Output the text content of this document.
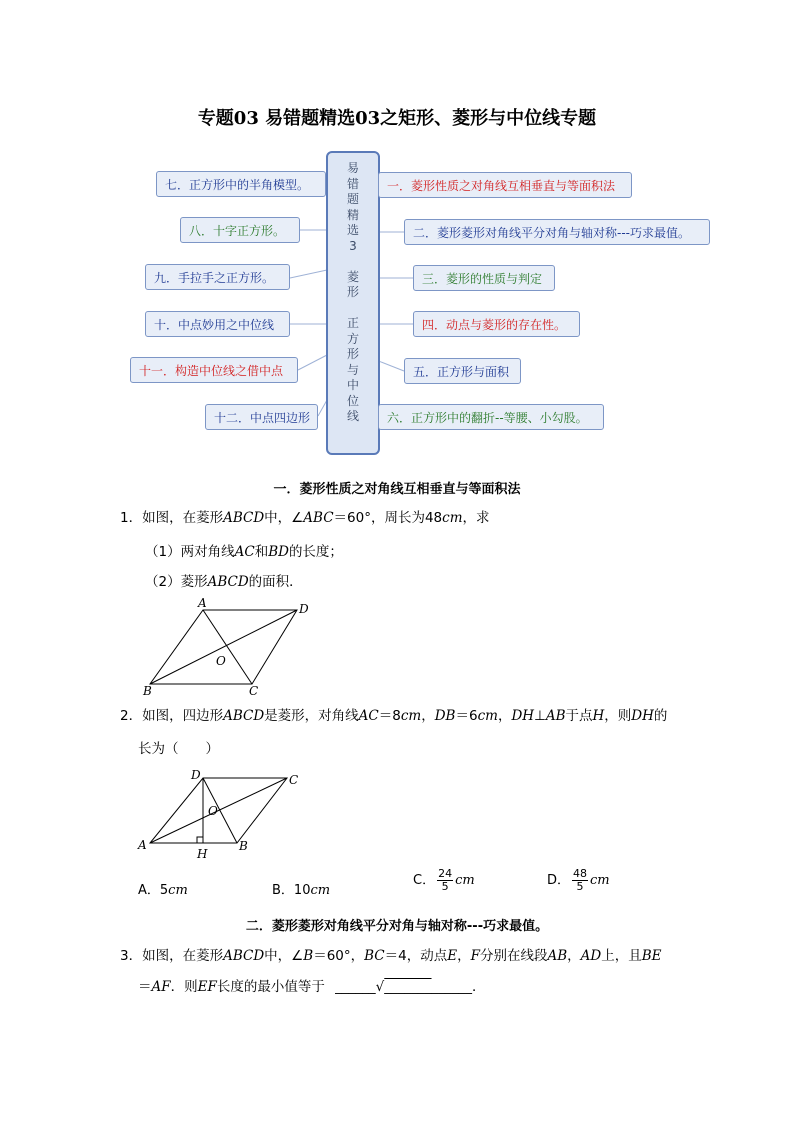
专题03 易错题精选03之矩形、菱形与中位线专题
易
错
题
精
选
3

菱
形

正
方
形
与
中
位
线
七．正方形中的半角模型。
八．十字正方形。
九．手拉手之正方形。
十．中点妙用之中位线
十一．构造中位线之借中点
十二．中点四边形
一．菱形性质之对角线互相垂直与等面积法
二．菱形菱形对角线平分对角与轴对称---巧求最值。
三．菱形的性质与判定
四．动点与菱形的存在性。
五．正方形与面积
六．正方形中的翻折--等腰、小勾股。
一．菱形性质之对角线互相垂直与等面积法
1．如图，在菱形ABCD中，∠ABC＝60°，周长为48cm，求
（1）两对角线AC和BD的长度；
（2）菱形ABCD的面积．
A	D
B	C
O
2．如图，四边形ABCD是菱形，对角线AC＝8cm，DB＝6cm，DH⊥AB于点H，则DH的
长为（　　）
D	C
A	B
O
H
A．5cm	B．10cm
C． $\frac{24}{5}$ cm	D． $\frac{48}{5}$ cm
二．菱形菱形对角线平分对角与轴对称---巧求最值。
3．如图，在菱形ABCD中，∠B＝60°，BC＝4，动点E，F分别在线段AB，AD上，且BE
＝AF．则EF长度的最小值等于 ______√_____________．
